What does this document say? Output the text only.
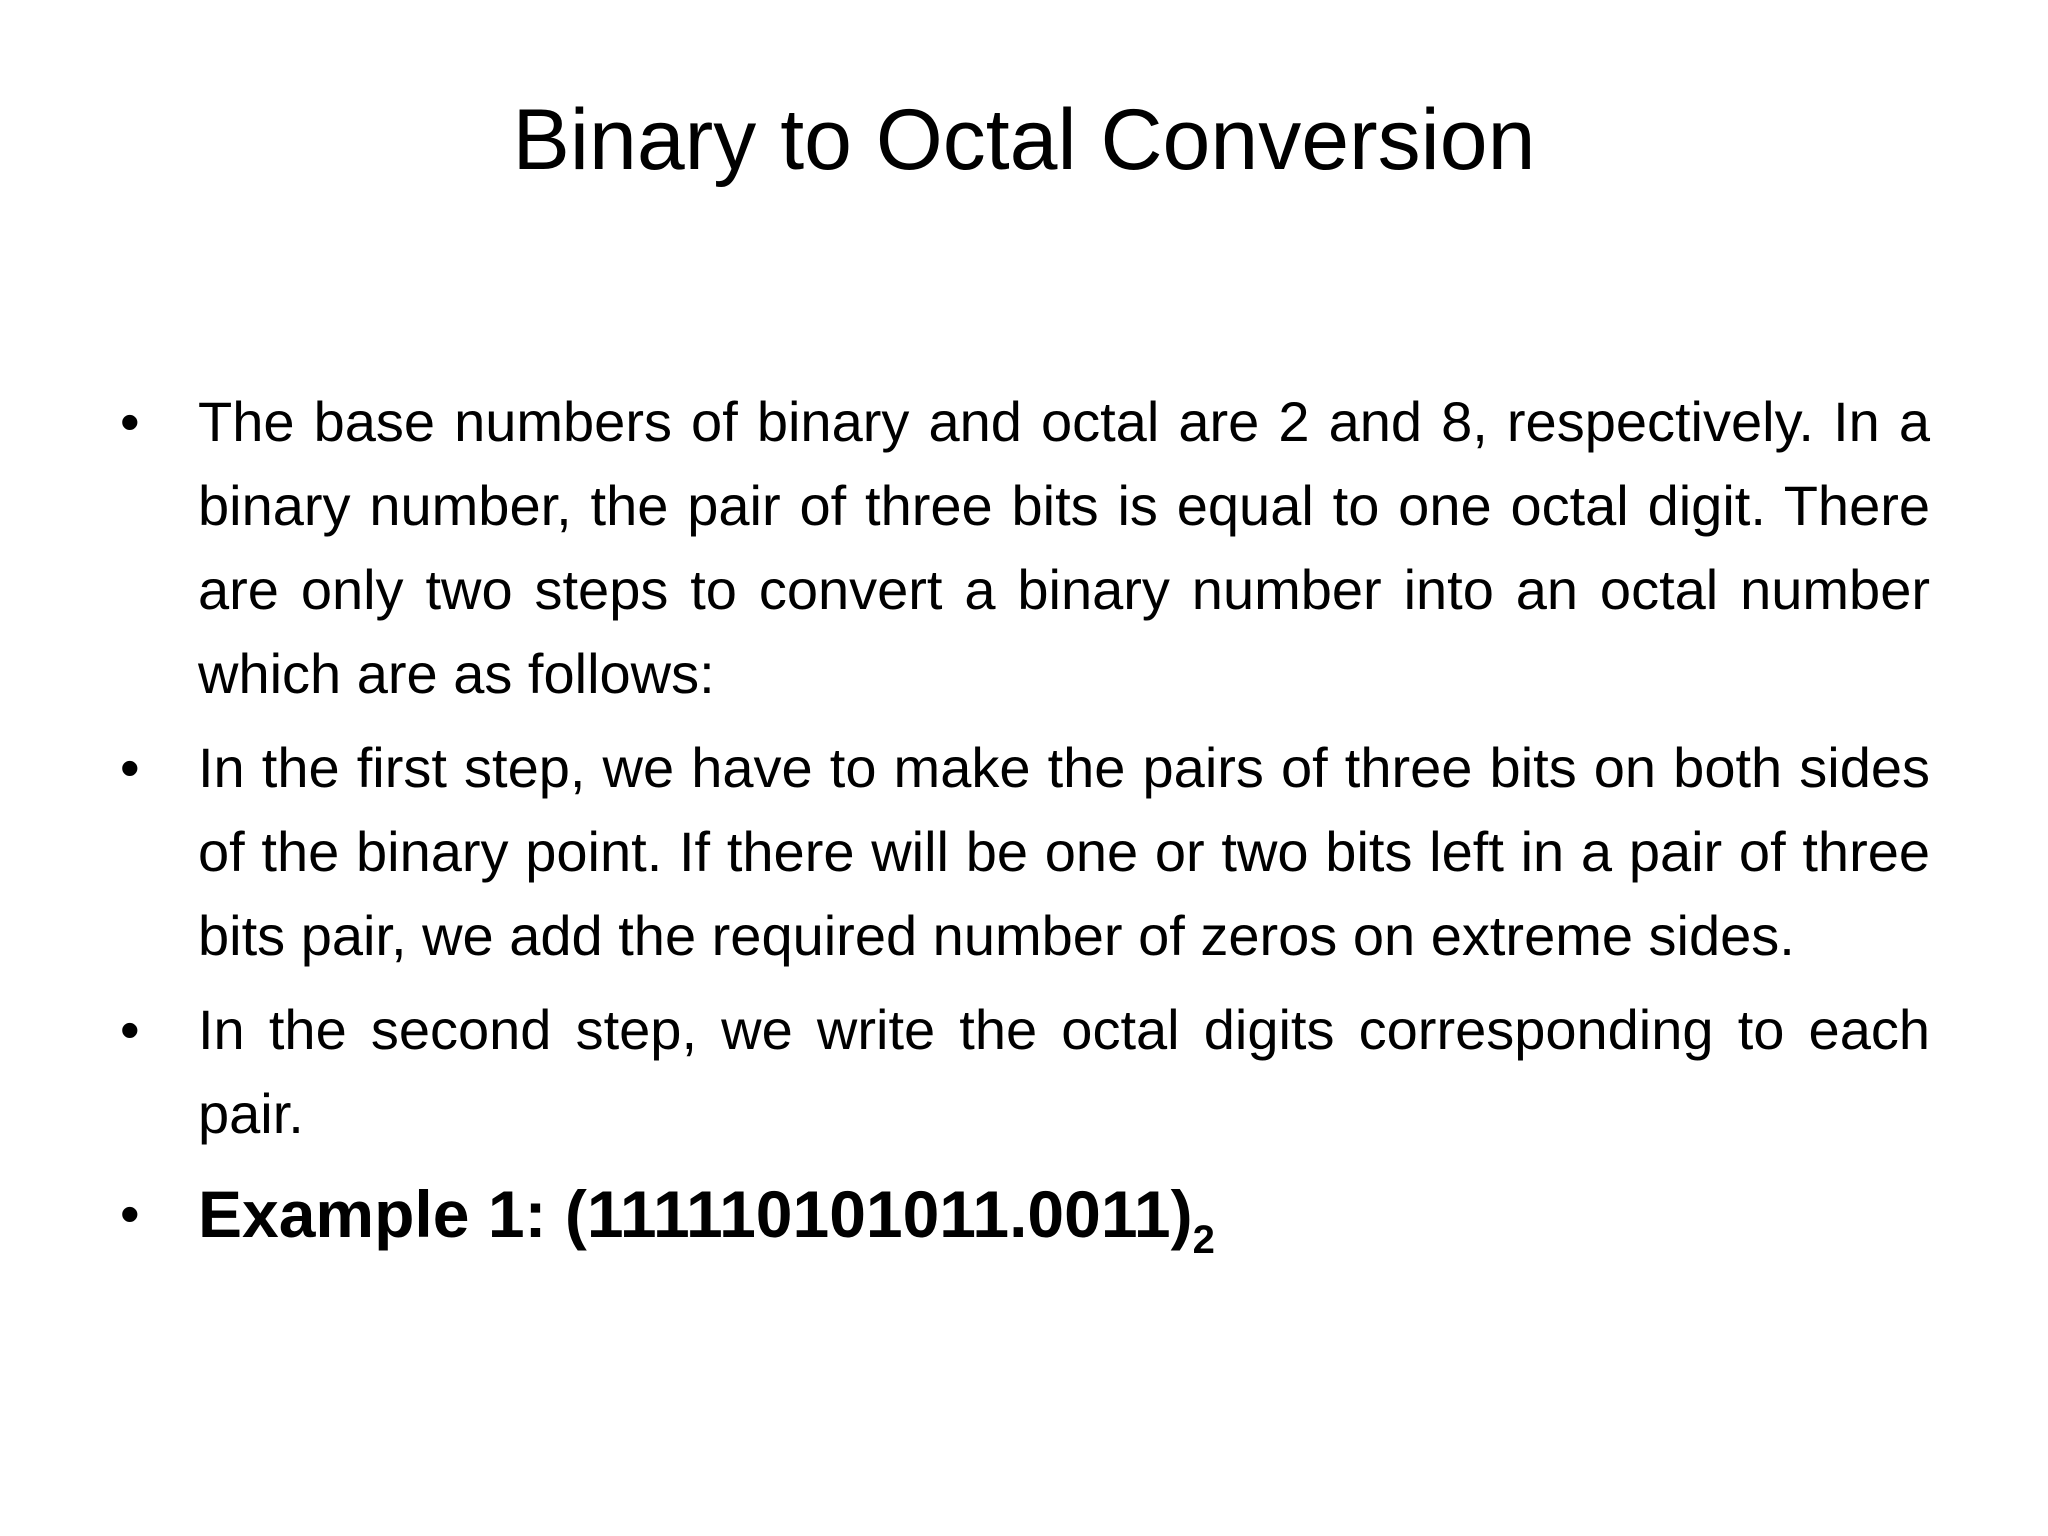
Binary to Octal Conversion
•	The base numbers of binary and octal are 2 and 8, respectively. In a binary number, the pair of three bits is equal to one octal digit. There are only two steps to convert a binary number into an octal number which are as follows:
•	In the first step, we have to make the pairs of three bits on both sides of the binary point. If there will be one or two bits left in a pair of three bits pair, we add the required number of zeros on extreme sides.
•	In the second step, we write the octal digits corresponding to each pair.
• Example 1: $(111110101011.0011)_2$
